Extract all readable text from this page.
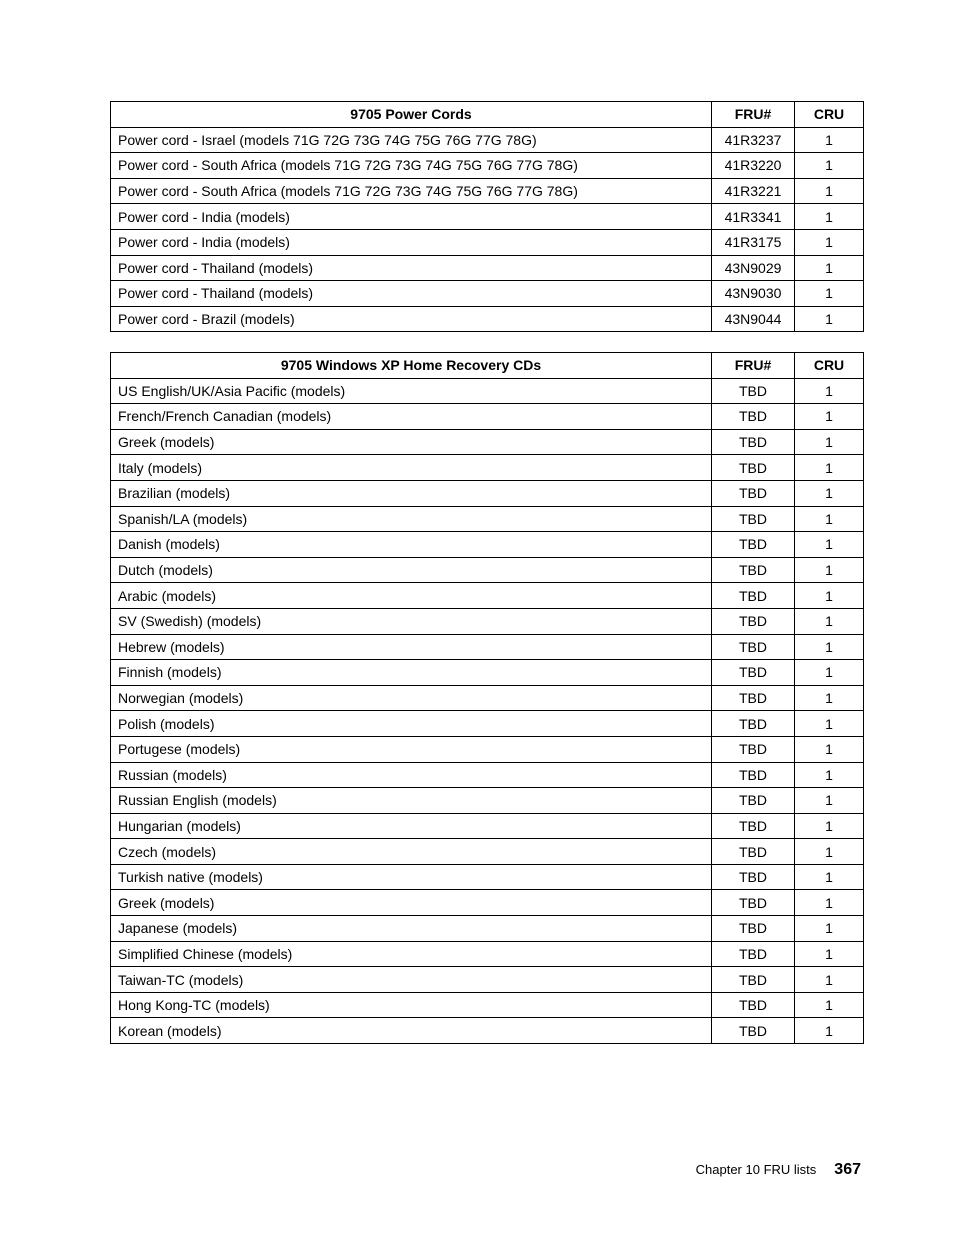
9705 Power Cords	FRU#	CRU
Power cord - Israel (models 71G 72G 73G 74G 75G 76G 77G 78G)	41R3237	1
Power cord - South Africa (models 71G 72G 73G 74G 75G 76G 77G 78G)	41R3220	1
Power cord - South Africa (models 71G 72G 73G 74G 75G 76G 77G 78G)	41R3221	1
Power cord - India (models)	41R3341	1
Power cord - India (models)	41R3175	1
Power cord - Thailand (models)	43N9029	1
Power cord - Thailand (models)	43N9030	1
Power cord - Brazil (models)	43N9044	1
9705 Windows XP Home Recovery CDs	FRU#	CRU
US English/UK/Asia Pacific (models)	TBD	1
French/French Canadian (models)	TBD	1
Greek (models)	TBD	1
Italy (models)	TBD	1
Brazilian (models)	TBD	1
Spanish/LA (models)	TBD	1
Danish (models)	TBD	1
Dutch (models)	TBD	1
Arabic (models)	TBD	1
SV (Swedish) (models)	TBD	1
Hebrew (models)	TBD	1
Finnish (models)	TBD	1
Norwegian (models)	TBD	1
Polish (models)	TBD	1
Portugese (models)	TBD	1
Russian (models)	TBD	1
Russian English (models)	TBD	1
Hungarian (models)	TBD	1
Czech (models)	TBD	1
Turkish native (models)	TBD	1
Greek (models)	TBD	1
Japanese (models)	TBD	1
Simplified Chinese (models)	TBD	1
Taiwan-TC (models)	TBD	1
Hong Kong-TC (models)	TBD	1
Korean (models)	TBD	1
Chapter 10 FRU lists 367
